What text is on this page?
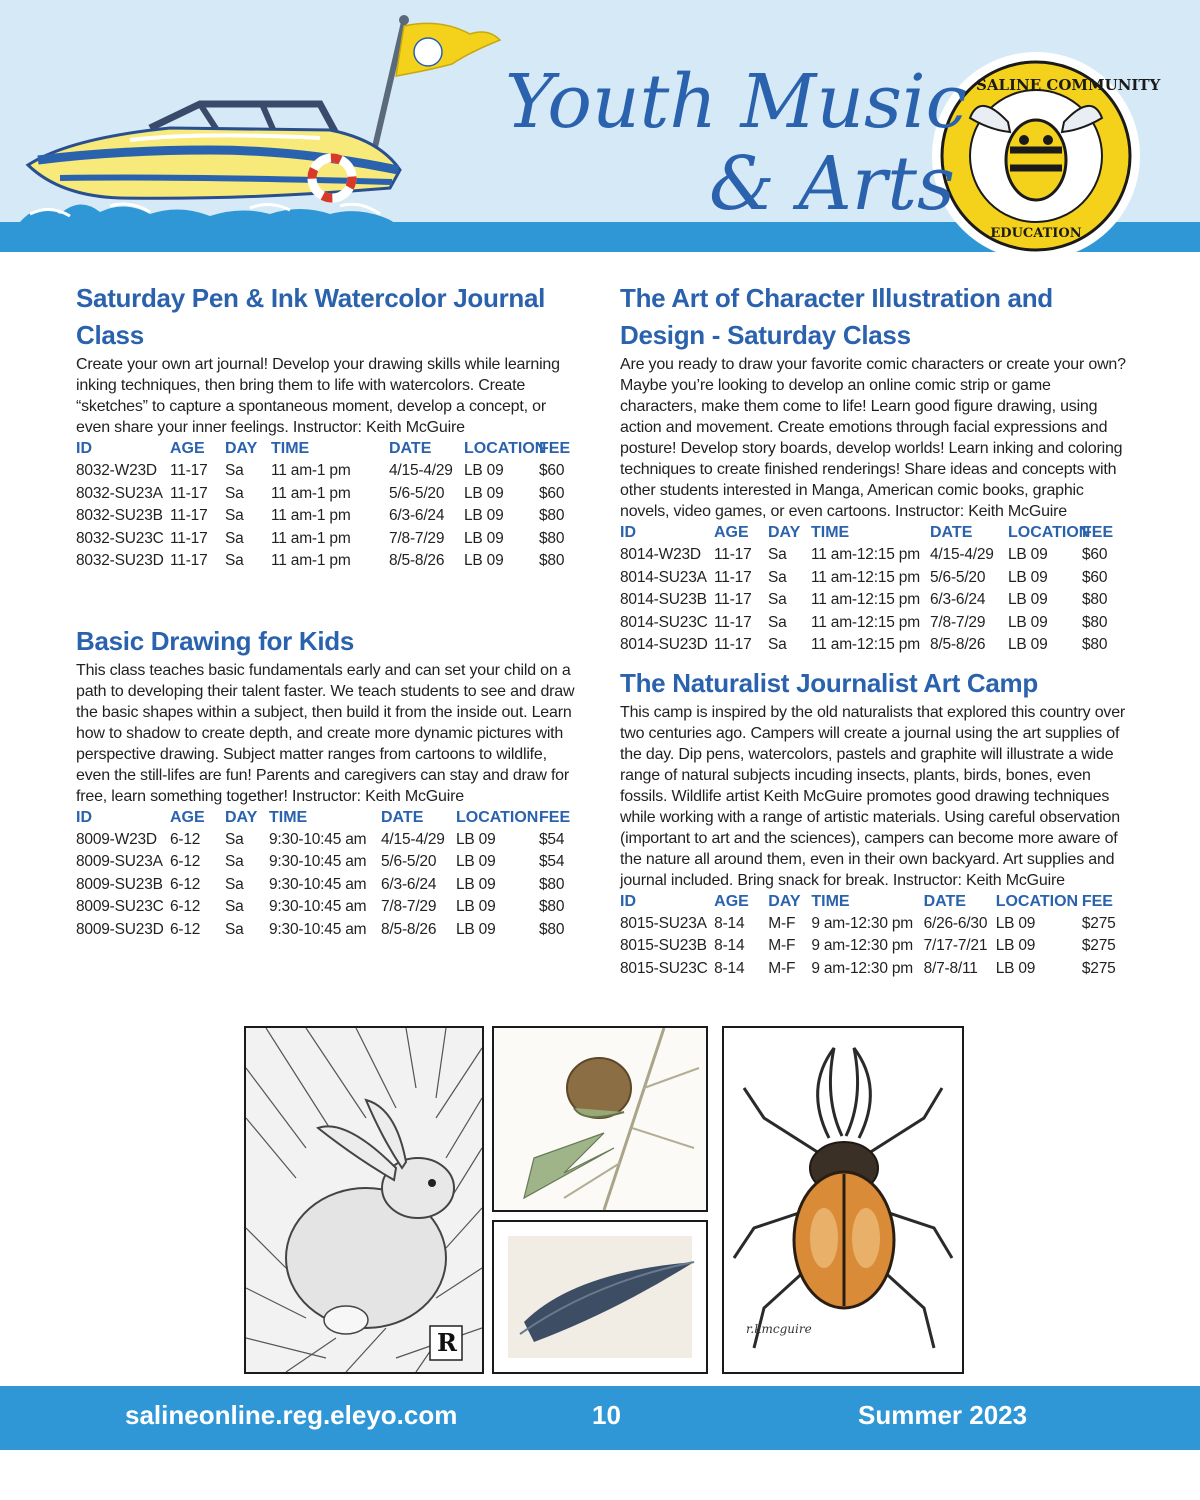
SALINE COMMUNITY
EDUCATION
Youth Music
& Arts
Saturday Pen & Ink Watercolor Journal Class
Create your own art journal! Develop your drawing skills while learning inking techniques, then bring them to life with watercolors. Create “sketches” to capture a spontaneous moment, develop a concept, or even share your inner feelings. Instructor: Keith McGuire
ID	AGE	DAY	TIME	DATE	LOCATION	FEE
8032-W23D	11-17	Sa	11 am-1 pm	4/15-4/29	LB 09	$60
8032-SU23A	11-17	Sa	11 am-1 pm	5/6-5/20	LB 09	$60
8032-SU23B	11-17	Sa	11 am-1 pm	6/3-6/24	LB 09	$80
8032-SU23C	11-17	Sa	11 am-1 pm	7/8-7/29	LB 09	$80
8032-SU23D	11-17	Sa	11 am-1 pm	8/5-8/26	LB 09	$80
Basic Drawing for Kids
This class teaches basic fundamentals early and can set your child on a path to developing their talent faster. We teach students to see and draw the basic shapes within a subject, then build it from the inside out. Learn how to shadow to create depth, and create more dynamic pictures with perspective drawing. Subject matter ranges from cartoons to wildlife, even the still-lifes are fun! Parents and caregivers can stay and draw for free, learn something together! Instructor: Keith McGuire
ID	AGE	DAY	TIME	DATE	LOCATION	FEE
8009-W23D	6-12	Sa	9:30-10:45 am	4/15-4/29	LB 09	$54
8009-SU23A	6-12	Sa	9:30-10:45 am	5/6-5/20	LB 09	$54
8009-SU23B	6-12	Sa	9:30-10:45 am	6/3-6/24	LB 09	$80
8009-SU23C	6-12	Sa	9:30-10:45 am	7/8-7/29	LB 09	$80
8009-SU23D	6-12	Sa	9:30-10:45 am	8/5-8/26	LB 09	$80
The Art of Character Illustration and Design - Saturday Class
Are you ready to draw your favorite comic characters or create your own? Maybe you’re looking to develop an online comic strip or game characters, make them come to life! Learn good figure drawing, using action and movement. Create emotions through facial expressions and posture! Develop story boards, develop worlds! Learn inking and coloring techniques to create finished renderings! Share ideas and concepts with other students interested in Manga, American comic books, graphic novels, video games, or even cartoons. Instructor: Keith McGuire
ID	AGE	DAY	TIME	DATE	LOCATION	FEE
8014-W23D	11-17	Sa	11 am-12:15 pm	4/15-4/29	LB 09	$60
8014-SU23A	11-17	Sa	11 am-12:15 pm	5/6-5/20	LB 09	$60
8014-SU23B	11-17	Sa	11 am-12:15 pm	6/3-6/24	LB 09	$80
8014-SU23C	11-17	Sa	11 am-12:15 pm	7/8-7/29	LB 09	$80
8014-SU23D	11-17	Sa	11 am-12:15 pm	8/5-8/26	LB 09	$80
The Naturalist Journalist Art Camp
This camp is inspired by the old naturalists that explored this country over two centuries ago. Campers will create a journal using the art supplies of the day. Dip pens, watercolors, pastels and graphite will illustrate a wide range of natural subjects incuding insects, plants, birds, bones, even fossils. Wildlife artist Keith McGuire promotes good drawing techniques while working with a range of artistic materials. Using careful observation (important to art and the sciences), campers can become more aware of the nature all around them, even in their own backyard. Art supplies and journal included. Bring snack for break. Instructor: Keith McGuire
ID	AGE	DAY	TIME	DATE	LOCATION	FEE
8015-SU23A	8-14	M-F	9 am-12:30 pm	6/26-6/30	LB 09	$275
8015-SU23B	8-14	M-F	9 am-12:30 pm	7/17-7/21	LB 09	$275
8015-SU23C	8-14	M-F	9 am-12:30 pm	8/7-8/11	LB 09	$275
R	r.kmcguire
salineonline.reg.eleyo.com	10	Summer 2023
